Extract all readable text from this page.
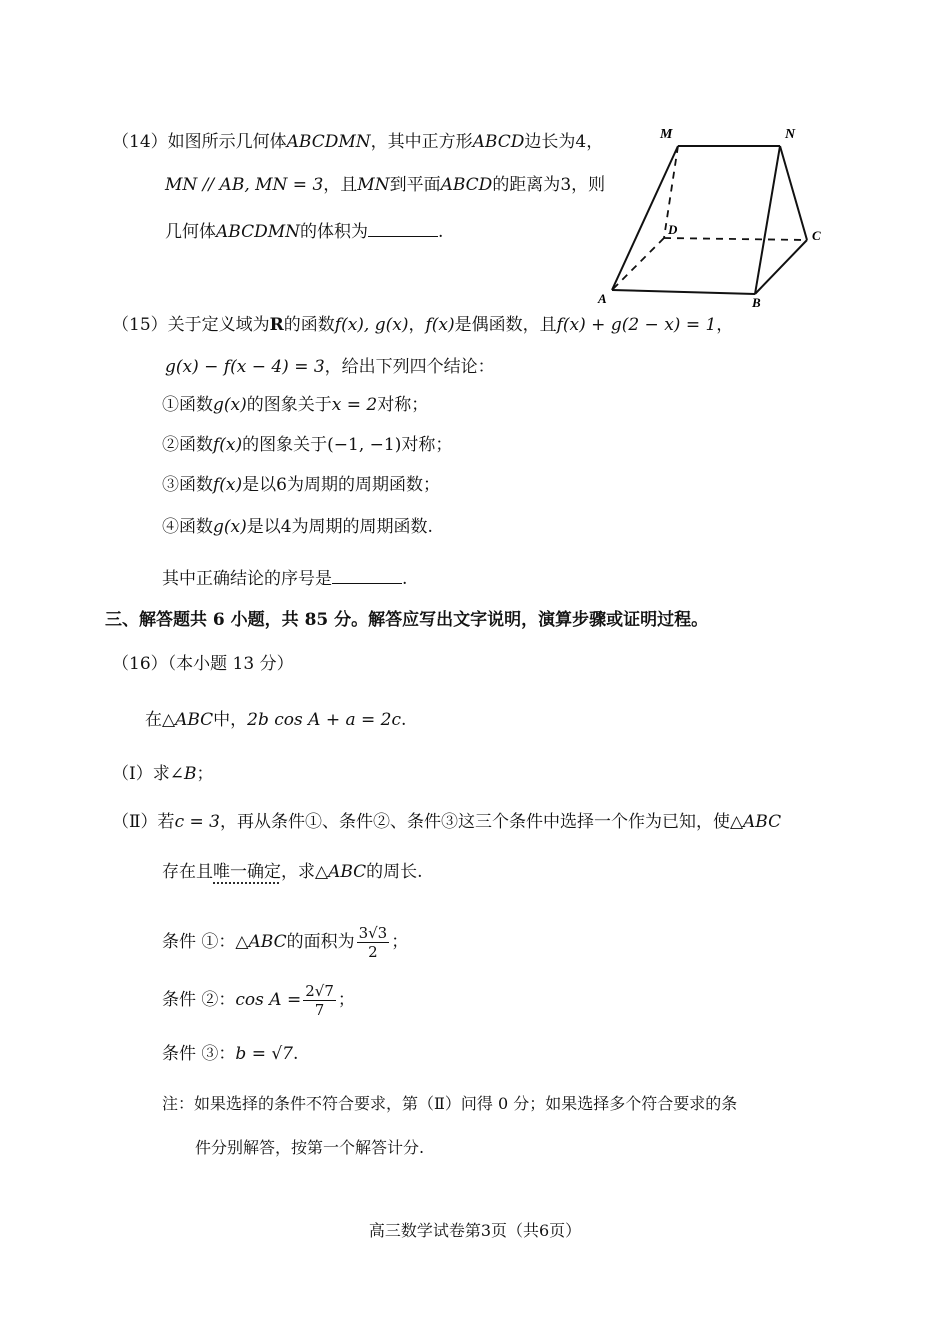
（14）如图所示几何体ABCDMN，其中正方形ABCD边长为4，
MN // AB, MN = 3，且MN到平面ABCD的距离为3，则
几何体ABCDMN的体积为	.
M	N
D	C
A	B
（15）关于定义域为R的函数f(x), g(x)，f(x)是偶函数，且f(x) + g(2 − x) = 1，
g(x) − f(x − 4) = 3，给出下列四个结论：
①函数g(x)的图象关于x = 2对称；
②函数f(x)的图象关于(−1, −1)对称；
③函数f(x)是以6为周期的周期函数；
④函数g(x)是以4为周期的周期函数.
其中正确结论的序号是	.
三、解答题共 6 小题，共 85 分。解答应写出文字说明，演算步骤或证明过程。
（16）（本小题 13 分）
在△ABC中，2b cos A + a = 2c.
（Ⅰ）求∠B；
（Ⅱ）若c = 3，再从条件①、条件②、条件③这三个条件中选择一个作为已知，使△ABC
存在且唯一确定，求△ABC的周长.
条件 ①：△ABC的面积为 $\frac{3√3}{2}$ ；
条件 ②：$\cos A = \frac{2√7}{7}$ ；
条件 ③：b = √7.
注：如果选择的条件不符合要求，第（Ⅱ）问得 0 分；如果选择多个符合要求的条
件分别解答，按第一个解答计分.
高三数学试卷第3页（共6页）
